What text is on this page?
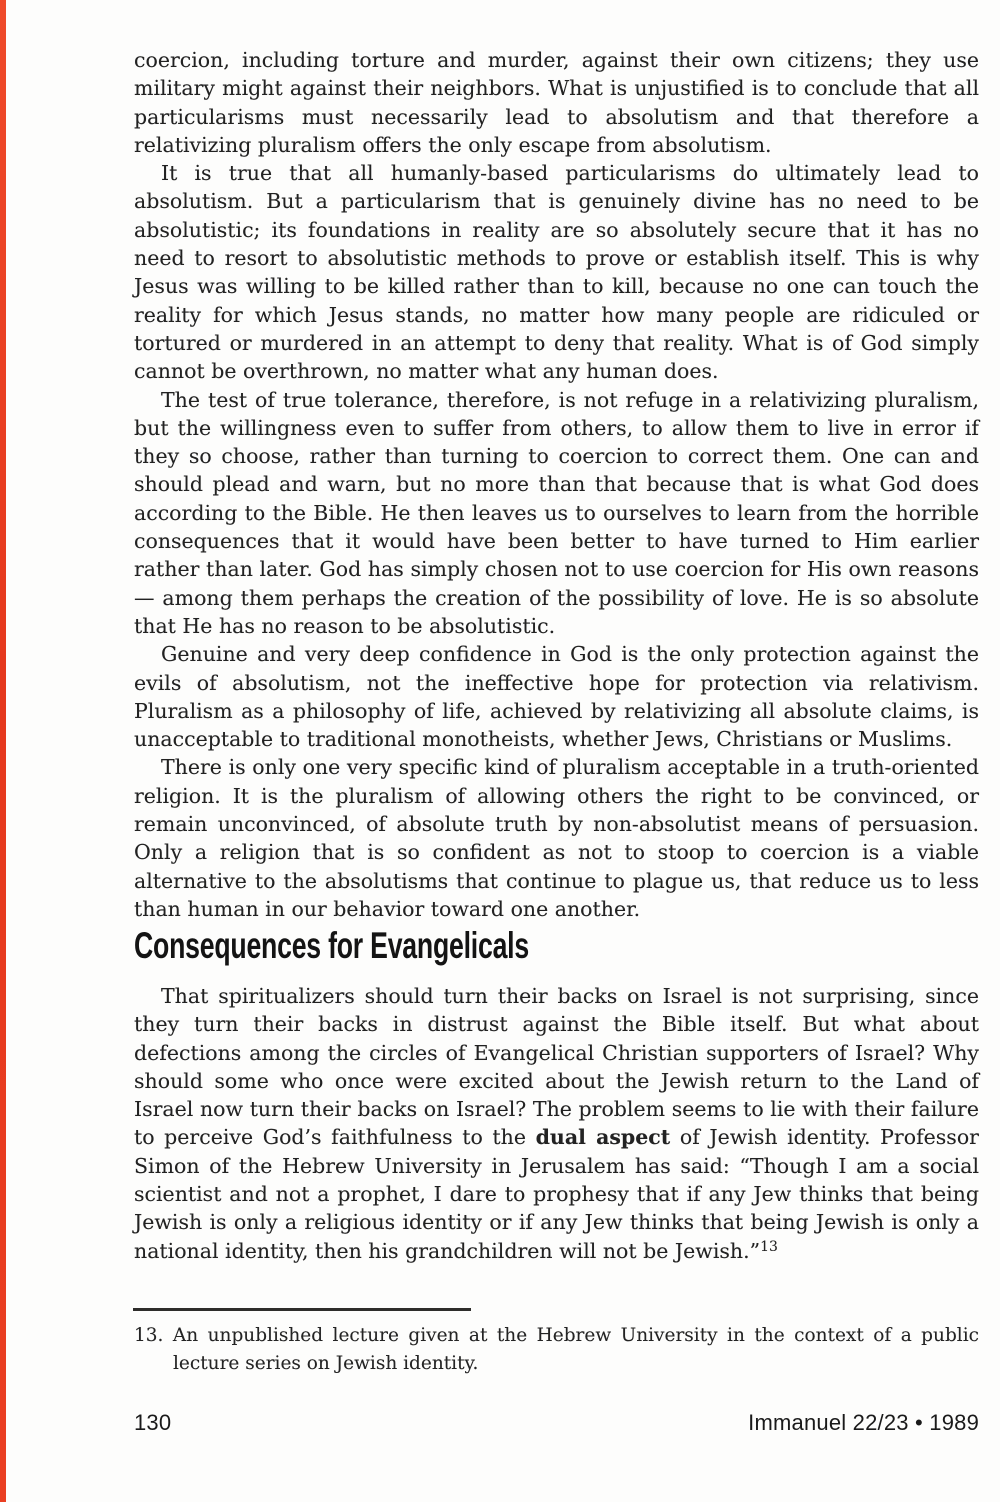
coercion, including torture and murder, against their own citizens; they use military might against their neighbors. What is unjustified is to conclude that all particularisms must necessarily lead to absolutism and that therefore a relativizing pluralism offers the only escape from absolutism.

It is true that all humanly-based particularisms do ultimately lead to absolutism. But a particularism that is genuinely divine has no need to be absolutistic; its foundations in reality are so absolutely secure that it has no need to resort to absolutistic methods to prove or establish itself. This is why Jesus was willing to be killed rather than to kill, because no one can touch the reality for which Jesus stands, no matter how many people are ridiculed or tortured or murdered in an attempt to deny that reality. What is of God simply cannot be overthrown, no matter what any human does.

The test of true tolerance, therefore, is not refuge in a relativizing pluralism, but the willingness even to suffer from others, to allow them to live in error if they so choose, rather than turning to coercion to correct them. One can and should plead and warn, but no more than that because that is what God does according to the Bible. He then leaves us to ourselves to learn from the horrible consequences that it would have been better to have turned to Him earlier rather than later. God has simply chosen not to use coercion for His own reasons — among them perhaps the creation of the possibility of love. He is so absolute that He has no reason to be absolutistic.

Genuine and very deep confidence in God is the only protection against the evils of absolutism, not the ineffective hope for protection via relativism. Pluralism as a philosophy of life, achieved by relativizing all absolute claims, is unacceptable to traditional monotheists, whether Jews, Christians or Muslims.

There is only one very specific kind of pluralism acceptable in a truth-oriented religion. It is the pluralism of allowing others the right to be convinced, or remain unconvinced, of absolute truth by non-absolutist means of persuasion. Only a religion that is so confident as not to stoop to coercion is a viable alternative to the absolutisms that continue to plague us, that reduce us to less than human in our behavior toward one another.

Consequences for Evangelicals

That spiritualizers should turn their backs on Israel is not surprising, since they turn their backs in distrust against the Bible itself. But what about defections among the circles of Evangelical Christian supporters of Israel? Why should some who once were excited about the Jewish return to the Land of Israel now turn their backs on Israel? The problem seems to lie with their failure to perceive God’s faithfulness to the dual aspect of Jewish identity. Professor Simon of the Hebrew University in Jerusalem has said: “Though I am a social scientist and not a prophet, I dare to prophesy that if any Jew thinks that being Jewish is only a religious identity or if any Jew thinks that being Jewish is only a national identity, then his grandchildren will not be Jewish.”$^{13}$

13. An unpublished lecture given at the Hebrew University in the context of a public lecture series on Jewish identity.

130	Immanuel 22/23 • 1989
